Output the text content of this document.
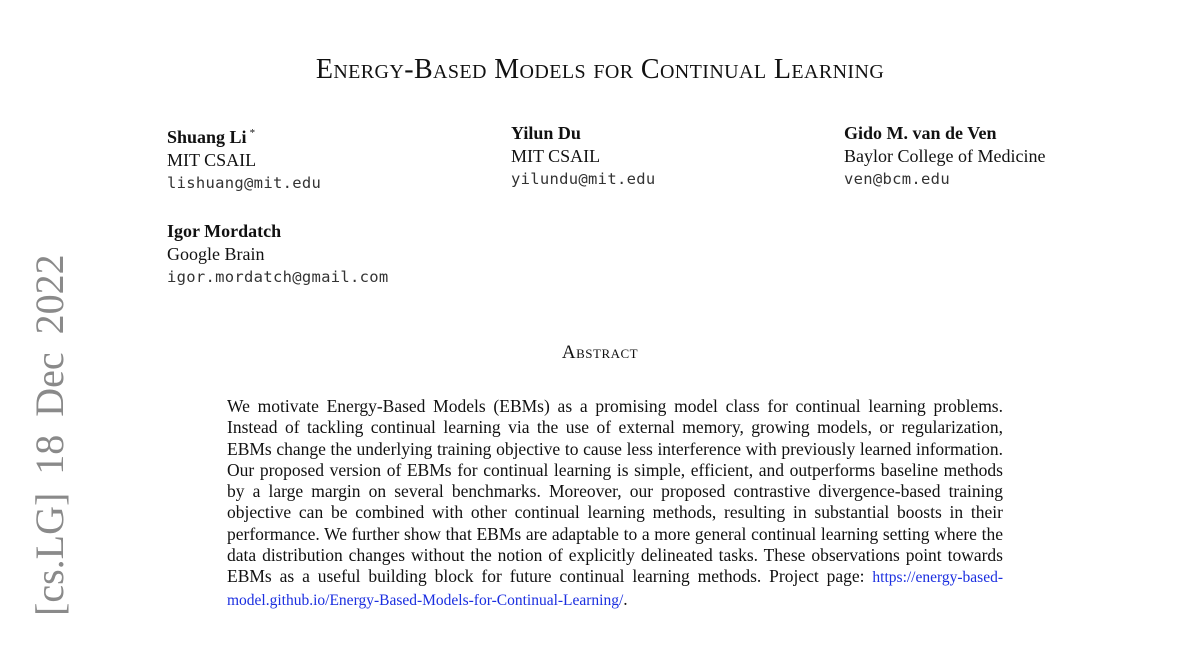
Energy-Based Models for Continual Learning
Shuang Li *
MIT CSAIL
lishuang@mit.edu
Yilun Du
MIT CSAIL
yilundu@mit.edu
Gido M. van de Ven
Baylor College of Medicine
ven@bcm.edu
Igor Mordatch
Google Brain
igor.mordatch@gmail.com
[cs.LG] 18 Dec 2022	Abstract

We motivate Energy-Based Models (EBMs) as a promising model class for continual learning problems. Instead of tackling continual learning via the use of external memory, growing models, or regularization, EBMs change the underlying training objective to cause less interference with previously learned information. Our proposed version of EBMs for continual learning is simple, efficient, and outperforms baseline methods by a large margin on several benchmarks. Moreover, our proposed contrastive divergence-based training objective can be combined with other continual learning methods, resulting in substantial boosts in their performance. We further show that EBMs are adaptable to a more general continual learning setting where the data distribution changes without the notion of explicitly delineated tasks. These observations point towards EBMs as a useful building block for future continual learning methods. Project page: https://energy-based-model.github.io/Energy-Based-Models-for-Continual-Learning/.
